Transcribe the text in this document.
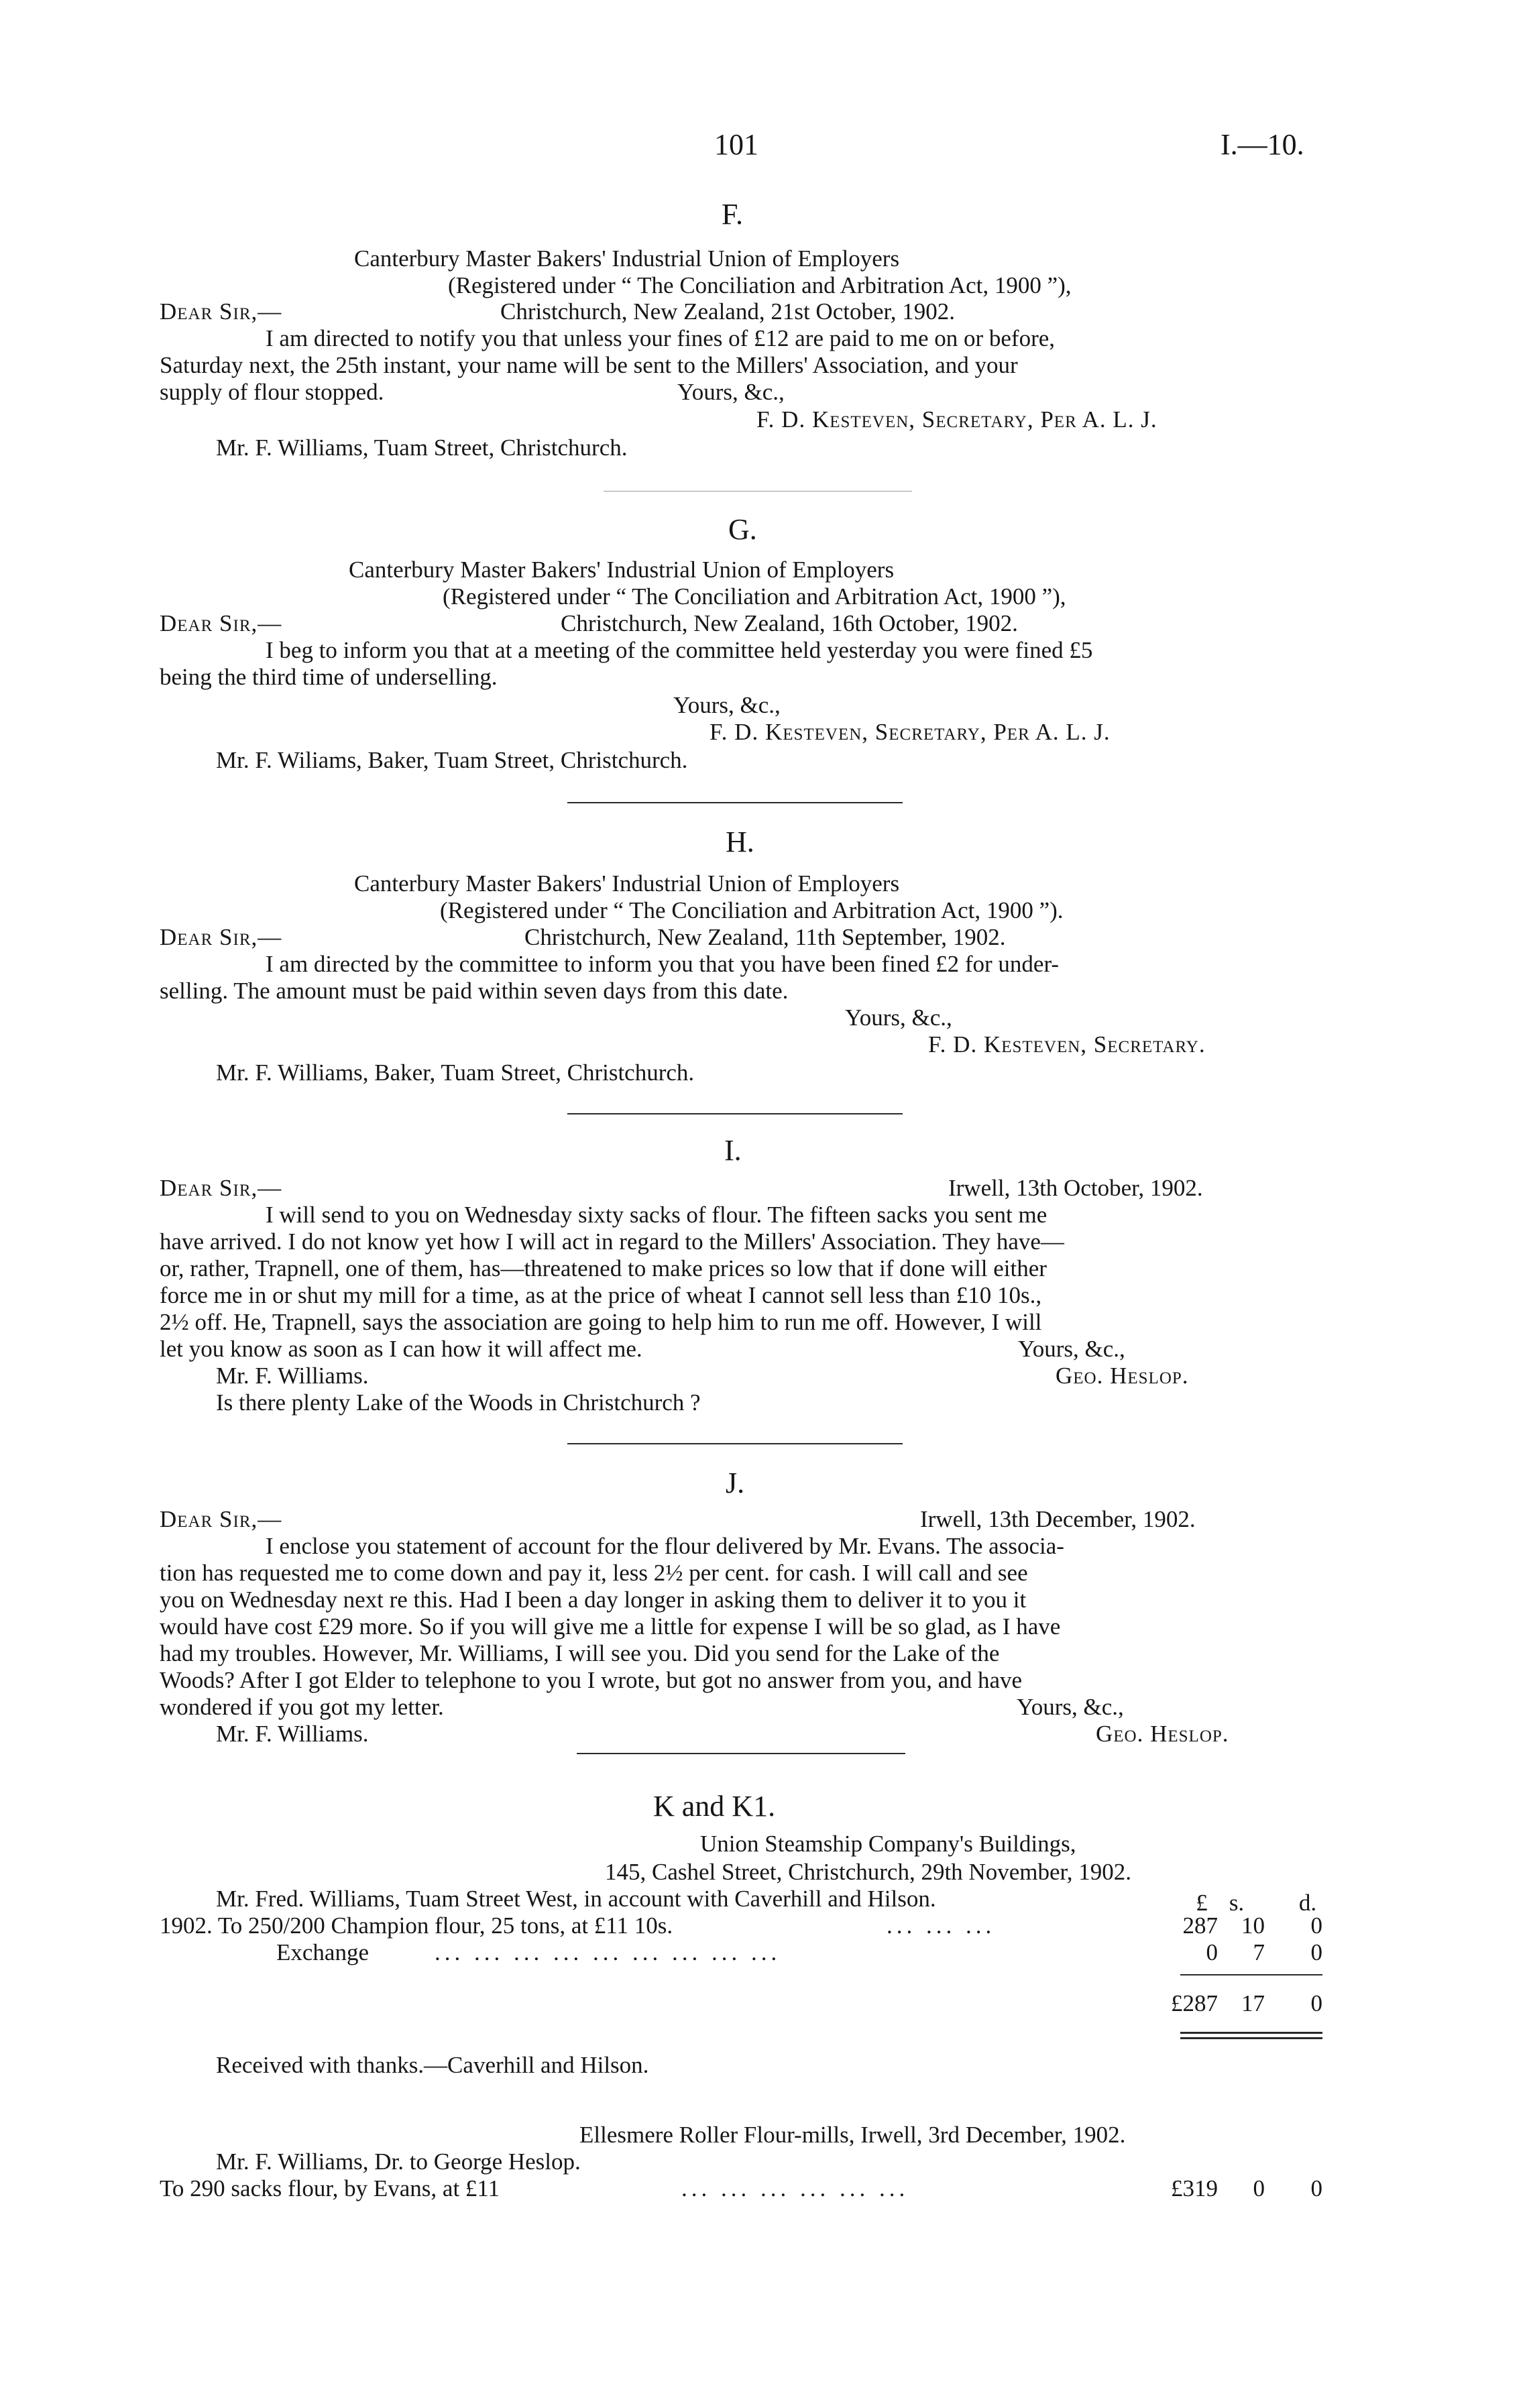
101	I.—10.
F.
Canterbury Master Bakers' Industrial Union of Employers
(Registered under “ The Conciliation and Arbitration Act, 1900 ”),
Dear Sir,—	Christchurch, New Zealand, 21st October, 1902.
I am directed to notify you that unless your fines of £12 are paid to me on or before,
Saturday next, the 25th instant, your name will be sent to the Millers' Association, and your
supply of flour stopped.	Yours, &c.,
F. D. Kesteven, Secretary, Per A. L. J.
Mr. F. Williams, Tuam Street, Christchurch.
G.
Canterbury Master Bakers' Industrial Union of Employers
(Registered under “ The Conciliation and Arbitration Act, 1900 ”),
Dear Sir,—	Christchurch, New Zealand, 16th October, 1902.
I beg to inform you that at a meeting of the committee held yesterday you were fined £5
being the third time of underselling.
Yours, &c.,
F. D. Kesteven, Secretary, Per A. L. J.
Mr. F. Wiliams, Baker, Tuam Street, Christchurch.
H.
Canterbury Master Bakers' Industrial Union of Employers
(Registered under “ The Conciliation and Arbitration Act, 1900 ”).
Dear Sir,—	Christchurch, New Zealand, 11th September, 1902.
I am directed by the committee to inform you that you have been fined £2 for under-
selling. The amount must be paid within seven days from this date.
Yours, &c.,
F. D. Kesteven, Secretary.
Mr. F. Williams, Baker, Tuam Street, Christchurch.
I.
Dear Sir,—	Irwell, 13th October, 1902.
I will send to you on Wednesday sixty sacks of flour. The fifteen sacks you sent me
have arrived. I do not know yet how I will act in regard to the Millers' Association. They have—
or, rather, Trapnell, one of them, has—threatened to make prices so low that if done will either
force me in or shut my mill for a time, as at the price of wheat I cannot sell less than £10 10s.,
2½ off. He, Trapnell, says the association are going to help him to run me off. However, I will
let you know as soon as I can how it will affect me.	Yours, &c.,
Mr. F. Williams.	Geo. Heslop.
Is there plenty Lake of the Woods in Christchurch ?
J.
Dear Sir,—	Irwell, 13th December, 1902.
I enclose you statement of account for the flour delivered by Mr. Evans. The associa-
tion has requested me to come down and pay it, less 2½ per cent. for cash. I will call and see
you on Wednesday next re this. Had I been a day longer in asking them to deliver it to you it
would have cost £29 more. So if you will give me a little for expense I will be so glad, as I have
had my troubles. However, Mr. Williams, I will see you. Did you send for the Lake of the
Woods? After I got Elder to telephone to you I wrote, but got no answer from you, and have
wondered if you got my letter.	Yours, &c.,
Mr. F. Williams.	Geo. Heslop.
K and K1.
Union Steamship Company's Buildings,
145, Cashel Street, Christchurch, 29th November, 1902.
Mr. Fred. Williams, Tuam Street West, in account with Caverhill and Hilson.	£ s. d.
1902. To 250/200 Champion flour, 25 tons, at £11 10s.	... ... ...	287	10	0
Exchange	... ... ... ... ... ... ... ... ...	0	7	0
£287	17	0
Received with thanks.—Caverhill and Hilson.
Ellesmere Roller Flour-mills, Irwell, 3rd December, 1902.
Mr. F. Williams, Dr. to George Heslop.
To 290 sacks flour, by Evans, at £11	... ... ... ... ... ...	£319	0	0
